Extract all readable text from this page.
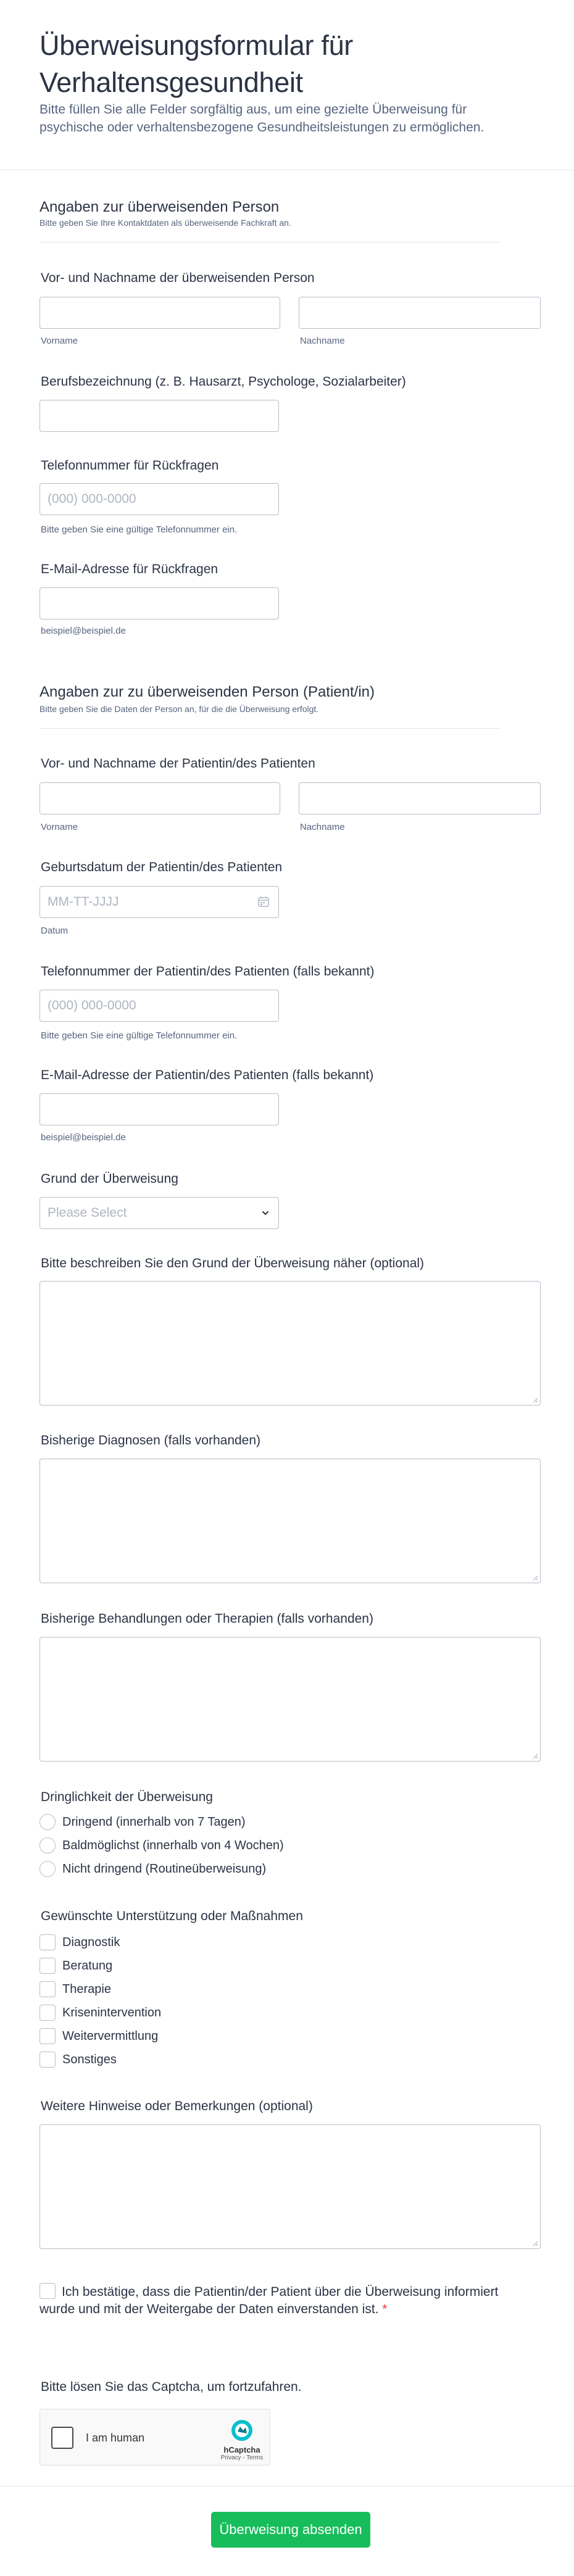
Überweisungsformular für Verhaltensgesundheit

Bitte füllen Sie alle Felder sorgfältig aus, um eine gezielte Überweisung für psychische oder verhaltensbezogene Gesundheitsleistungen zu ermöglichen.

Angaben zur überweisenden Person
Bitte geben Sie Ihre Kontaktdaten als überweisende Fachkraft an.
Vor- und Nachname der überweisenden Person
Vorname	Nachname
Berufsbezeichnung (z. B. Hausarzt, Psychologe, Sozialarbeiter)
Telefonnummer für Rückfragen
(000) 000-0000
Bitte geben Sie eine gültige Telefonnummer ein.
E-Mail-Adresse für Rückfragen
beispiel@beispiel.de
Angaben zur zu überweisenden Person (Patient/in)
Bitte geben Sie die Daten der Person an, für die die Überweisung erfolgt.
Vor- und Nachname der Patientin/des Patienten
Vorname	Nachname
Geburtsdatum der Patientin/des Patienten
MM-TT-JJJJ
Datum
Telefonnummer der Patientin/des Patienten (falls bekannt)
(000) 000-0000
Bitte geben Sie eine gültige Telefonnummer ein.
E-Mail-Adresse der Patientin/des Patienten (falls bekannt)
beispiel@beispiel.de
Grund der Überweisung
Please Select
Bitte beschreiben Sie den Grund der Überweisung näher (optional)
Bisherige Diagnosen (falls vorhanden)
Bisherige Behandlungen oder Therapien (falls vorhanden)
Dringlichkeit der Überweisung
Dringend (innerhalb von 7 Tagen)
Baldmöglichst (innerhalb von 4 Wochen)
Nicht dringend (Routineüberweisung)
Gewünschte Unterstützung oder Maßnahmen
Diagnostik
Beratung
Therapie
Krisenintervention
Weitervermittlung
Sonstiges
Weitere Hinweise oder Bemerkungen (optional)
Ich bestätige, dass die Patientin/der Patient über die Überweisung informiert wurde und mit der Weitergabe der Daten einverstanden ist. *
Bitte lösen Sie das Captcha, um fortzufahren.
I am human
hCaptcha
Privacy - Terms
Überweisung absenden
